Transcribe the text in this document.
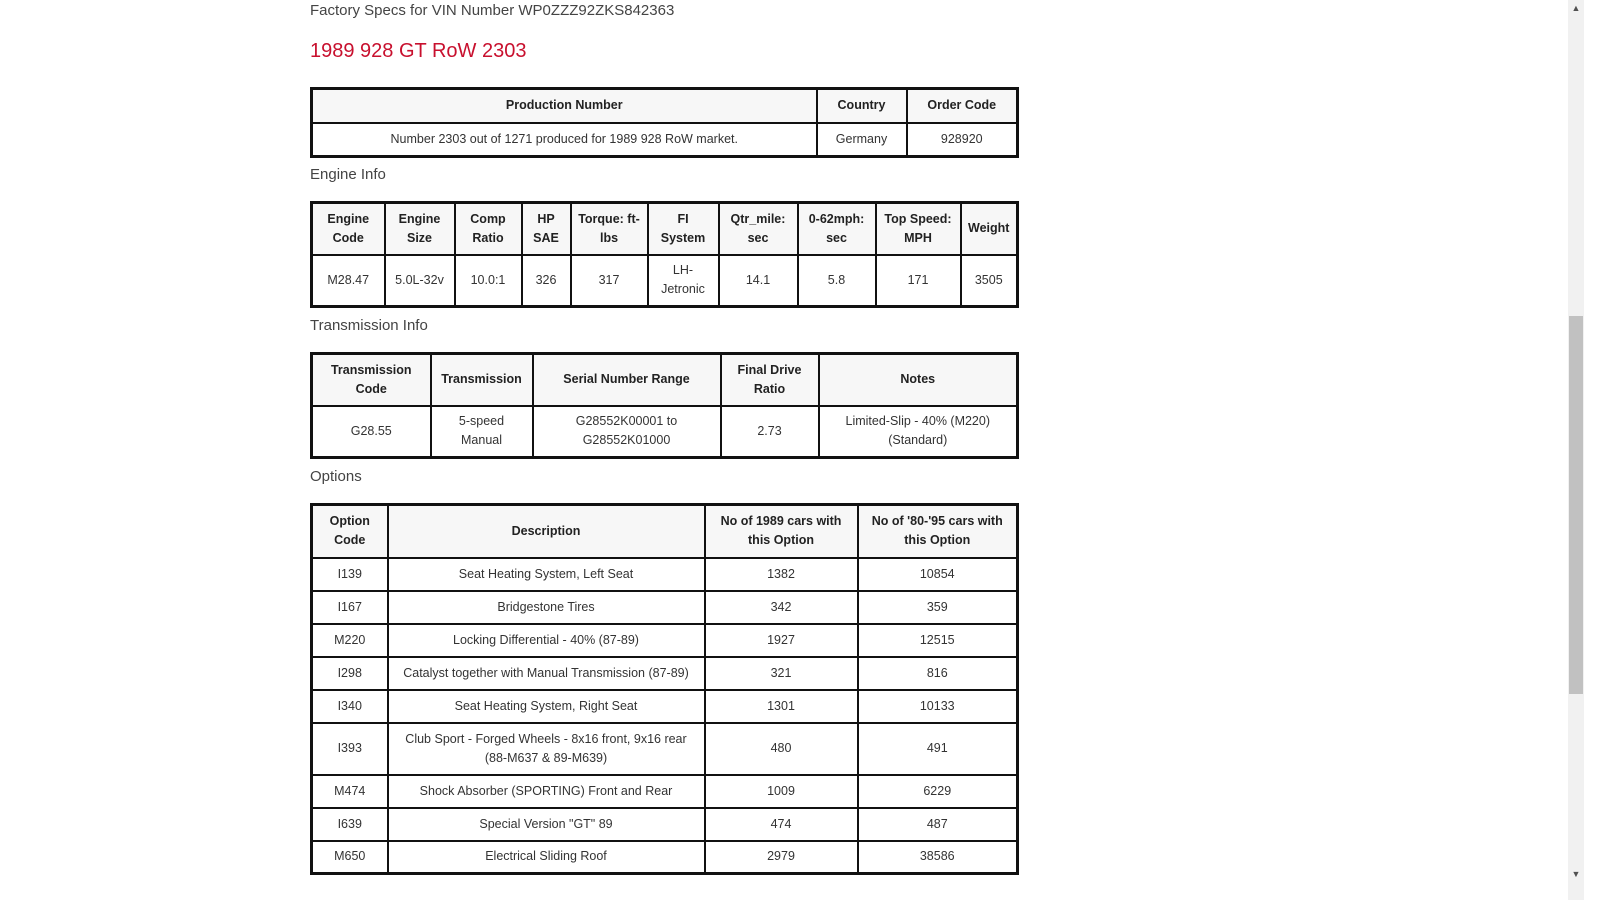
Factory Specs for VIN Number WP0ZZZ92ZKS842363
1989 928 GT RoW 2303
Production Number	Country	Order Code
Number 2303 out of 1271 produced for 1989 928 RoW market.	Germany	928920
Engine Info
Engine Code	Engine Size	Comp Ratio	HP SAE	Torque: ft-lbs	FI System	Qtr_mile: sec	0-62mph: sec	Top Speed: MPH	Weight
M28.47	5.0L-32v	10.0:1	326	317	LH-Jetronic	14.1	5.8	171	3505
Transmission Info
Transmission Code	Transmission	Serial Number Range	Final Drive Ratio	Notes
G28.55	5-speed Manual	G28552K00001 to G28552K01000	2.73	Limited-Slip - 40% (M220) (Standard)
Options
Option Code	Description	No of 1989 cars with this Option	No of '80-'95 cars with this Option
I139	Seat Heating System, Left Seat	1382	10854
I167	Bridgestone Tires	342	359
M220	Locking Differential - 40% (87-89)	1927	12515
I298	Catalyst together with Manual Transmission (87-89)	321	816
I340	Seat Heating System, Right Seat	1301	10133
I393	Club Sport - Forged Wheels - 8x16 front, 9x16 rear (88-M637 & 89-M639)	480	491
M474	Shock Absorber (SPORTING) Front and Rear	1009	6229
I639	Special Version "GT" 89	474	487
M650	Electrical Sliding Roof	2979	38586
▲
▼
